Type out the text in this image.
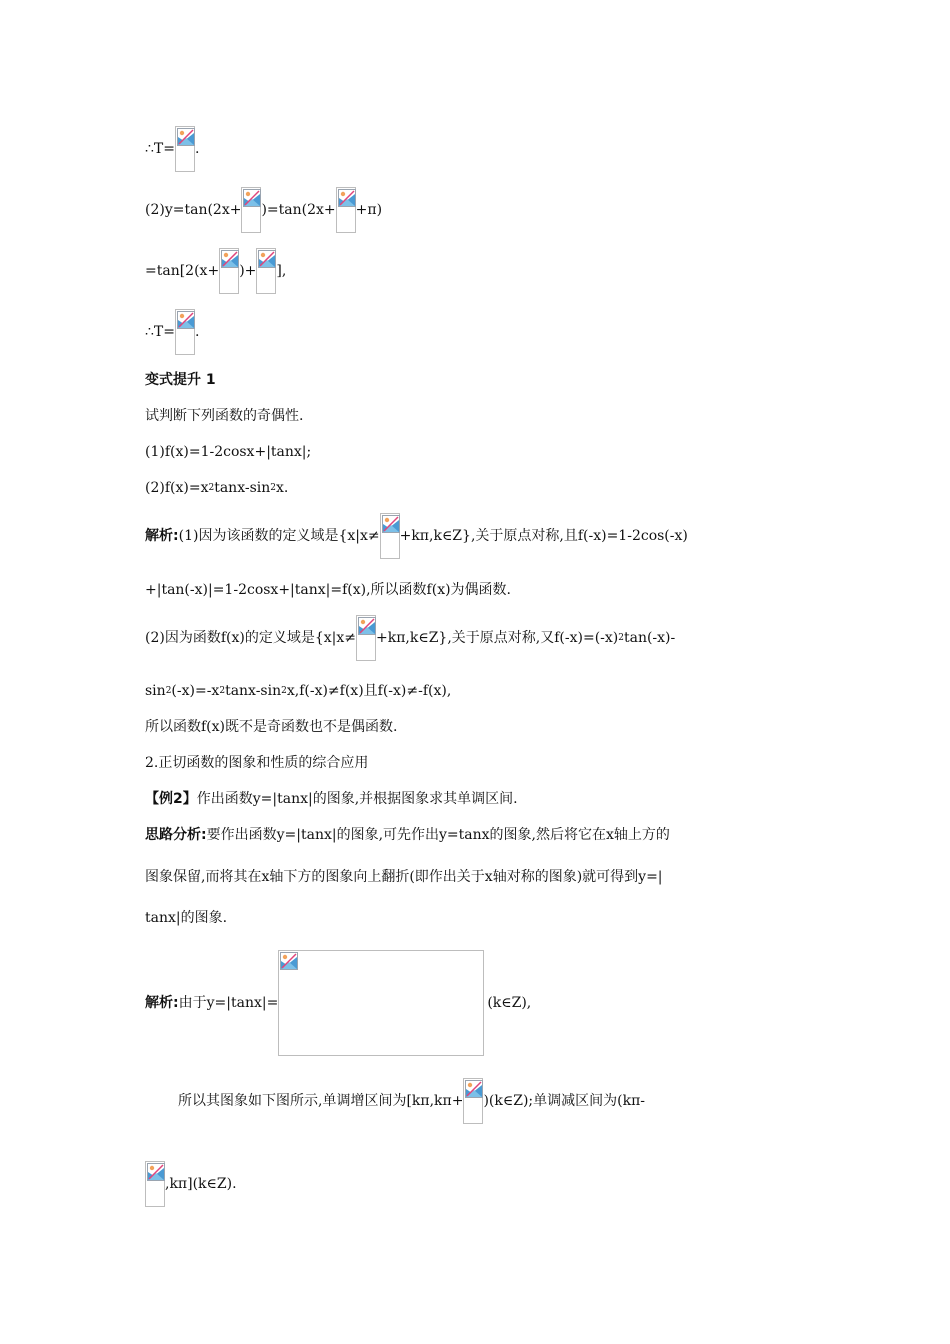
∴T= .
(2)y=tan(2x+ )=tan(2x+ +π)
=tan[2(x+ )+ ],
∴T= .
变式提升 1
试判断下列函数的奇偶性.
(1)f(x)=1-2cosx+|tanx|;
(2)f(x)=x 2 tanx-sin 2 x.
解析: (1)因为该函数的定义域是{x|x≠ +kπ,k∈Z},关于原点对称,且f(-x)=1-2cos(-x)
+|tan(-x)|=1-2cosx+|tanx|=f(x),所以函数f(x)为偶函数.
(2)因为函数f(x)的定义域是{x|x≠ +kπ,k∈Z},关于原点对称,又f(-x)=(-x) 2 tan(-x)-
sin 2 (-x)=-x 2 tanx-sin 2 x,f(-x)≠f(x)且f(-x)≠-f(x),
所以函数f(x)既不是奇函数也不是偶函数.
2.正切函数的图象和性质的综合应用
【例2】 作出函数y=|tanx|的图象,并根据图象求其单调区间.
思路分析: 要作出函数y=|tanx|的图象,可先作出y=tanx的图象,然后将它在x轴上方的
图象保留,而将其在x轴下方的图象向上翻折(即作出关于x轴对称的图象)就可得到y=|
tanx|的图象.
解析: 由于y=|tanx|=	(k∈Z),
所以其图象如下图所示,单调增区间为[kπ,kπ+ )(k∈Z);单调减区间为(kπ-
,kπ](k∈Z).
